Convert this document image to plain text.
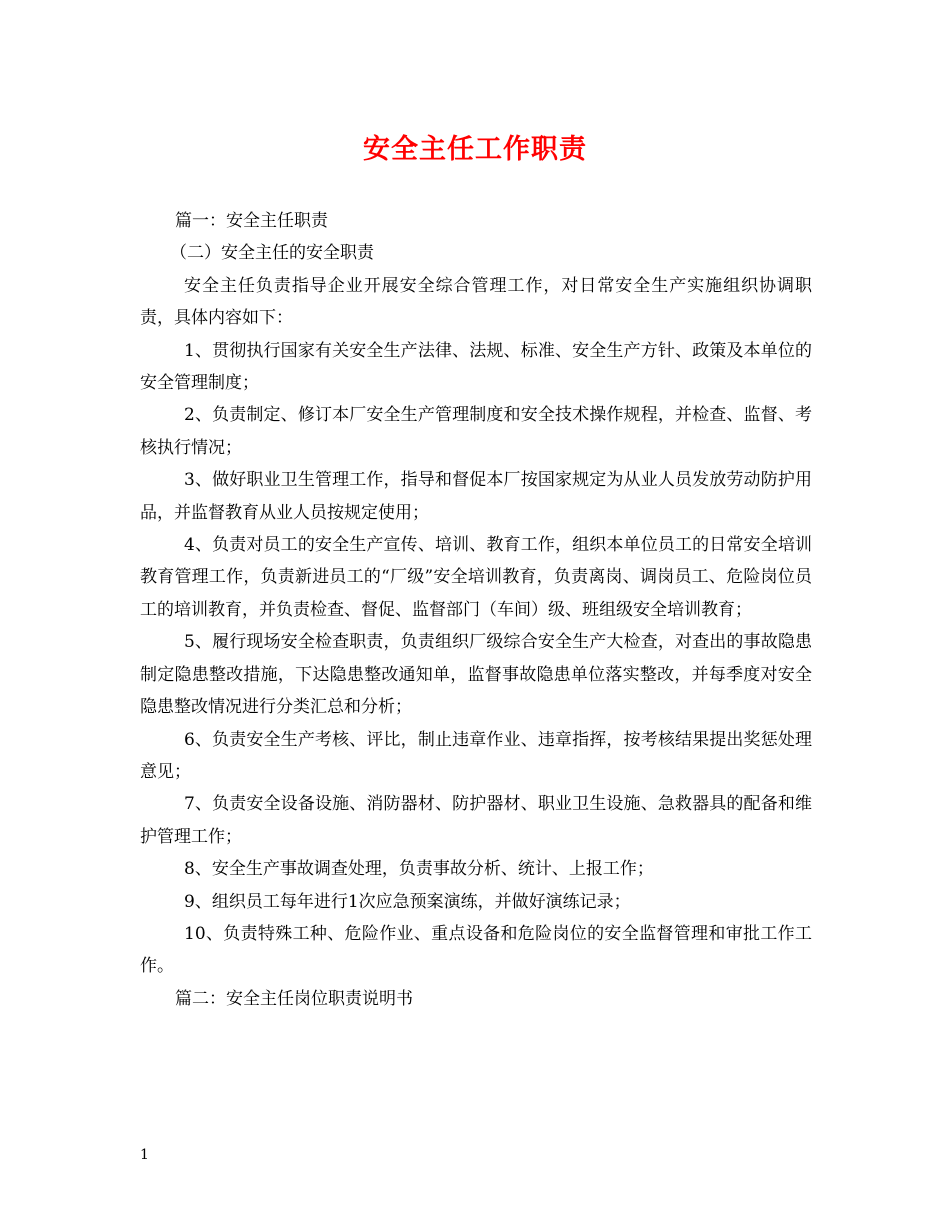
安全主任工作职责

篇一：安全主任职责

（二）安全主任的安全职责

安全主任负责指导企业开展安全综合管理工作，对日常安全生产实施组织协调职责，具体内容如下：

1、贯彻执行国家有关安全生产法律、法规、标准、安全生产方针、政策及本单位的安全管理制度；

2、负责制定、修订本厂安全生产管理制度和安全技术操作规程，并检查、监督、考核执行情况；

3、做好职业卫生管理工作，指导和督促本厂按国家规定为从业人员发放劳动防护用品，并监督教育从业人员按规定使用；

4、负责对员工的安全生产宣传、培训、教育工作，组织本单位员工的日常安全培训教育管理工作，负责新进员工的“厂级”安全培训教育，负责离岗、调岗员工、危险岗位员工的培训教育，并负责检查、督促、监督部门（车间）级、班组级安全培训教育；

5、履行现场安全检查职责，负责组织厂级综合安全生产大检查，对查出的事故隐患制定隐患整改措施，下达隐患整改通知单，监督事故隐患单位落实整改，并每季度对安全隐患整改情况进行分类汇总和分析；

6、负责安全生产考核、评比，制止违章作业、违章指挥，按考核结果提出奖惩处理意见；

7、负责安全设备设施、消防器材、防护器材、职业卫生设施、急救器具的配备和维护管理工作；

8、安全生产事故调查处理，负责事故分析、统计、上报工作；

9、组织员工每年进行1次应急预案演练，并做好演练记录；

10、负责特殊工种、危险作业、重点设备和危险岗位的安全监督管理和审批工作工作。

篇二：安全主任岗位职责说明书

1
